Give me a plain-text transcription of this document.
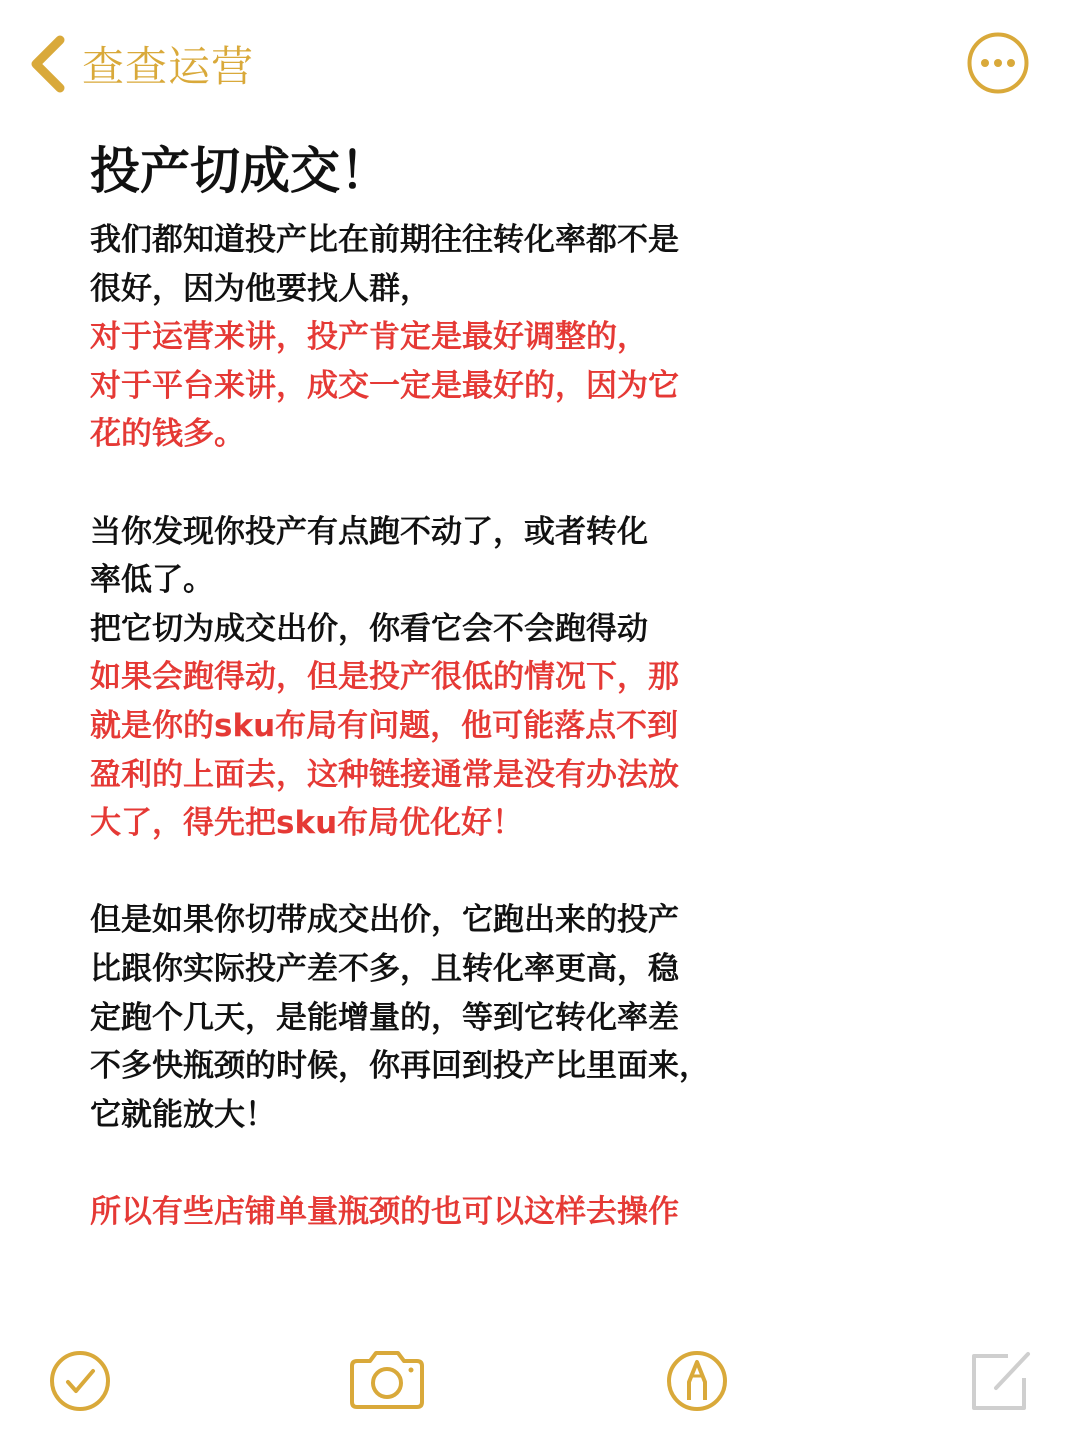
查查运营
投产切成交！

我们都知道投产比在前期往往转化率都不是
很好，因为他要找人群，

对于运营来讲，投产肯定是最好调整的，
对于平台来讲，成交一定是最好的，因为它
花的钱多。

当你发现你投产有点跑不动了，或者转化
率低了。
把它切为成交出价，你看它会不会跑得动

如果会跑得动，但是投产很低的情况下，那
就是你的sku布局有问题，他可能落点不到
盈利的上面去，这种链接通常是没有办法放
大了，得先把sku布局优化好！

但是如果你切带成交出价，它跑出来的投产
比跟你实际投产差不多，且转化率更高，稳
定跑个几天，是能增量的，等到它转化率差
不多快瓶颈的时候，你再回到投产比里面来，
它就能放大！

所以有些店铺单量瓶颈的也可以这样去操作
